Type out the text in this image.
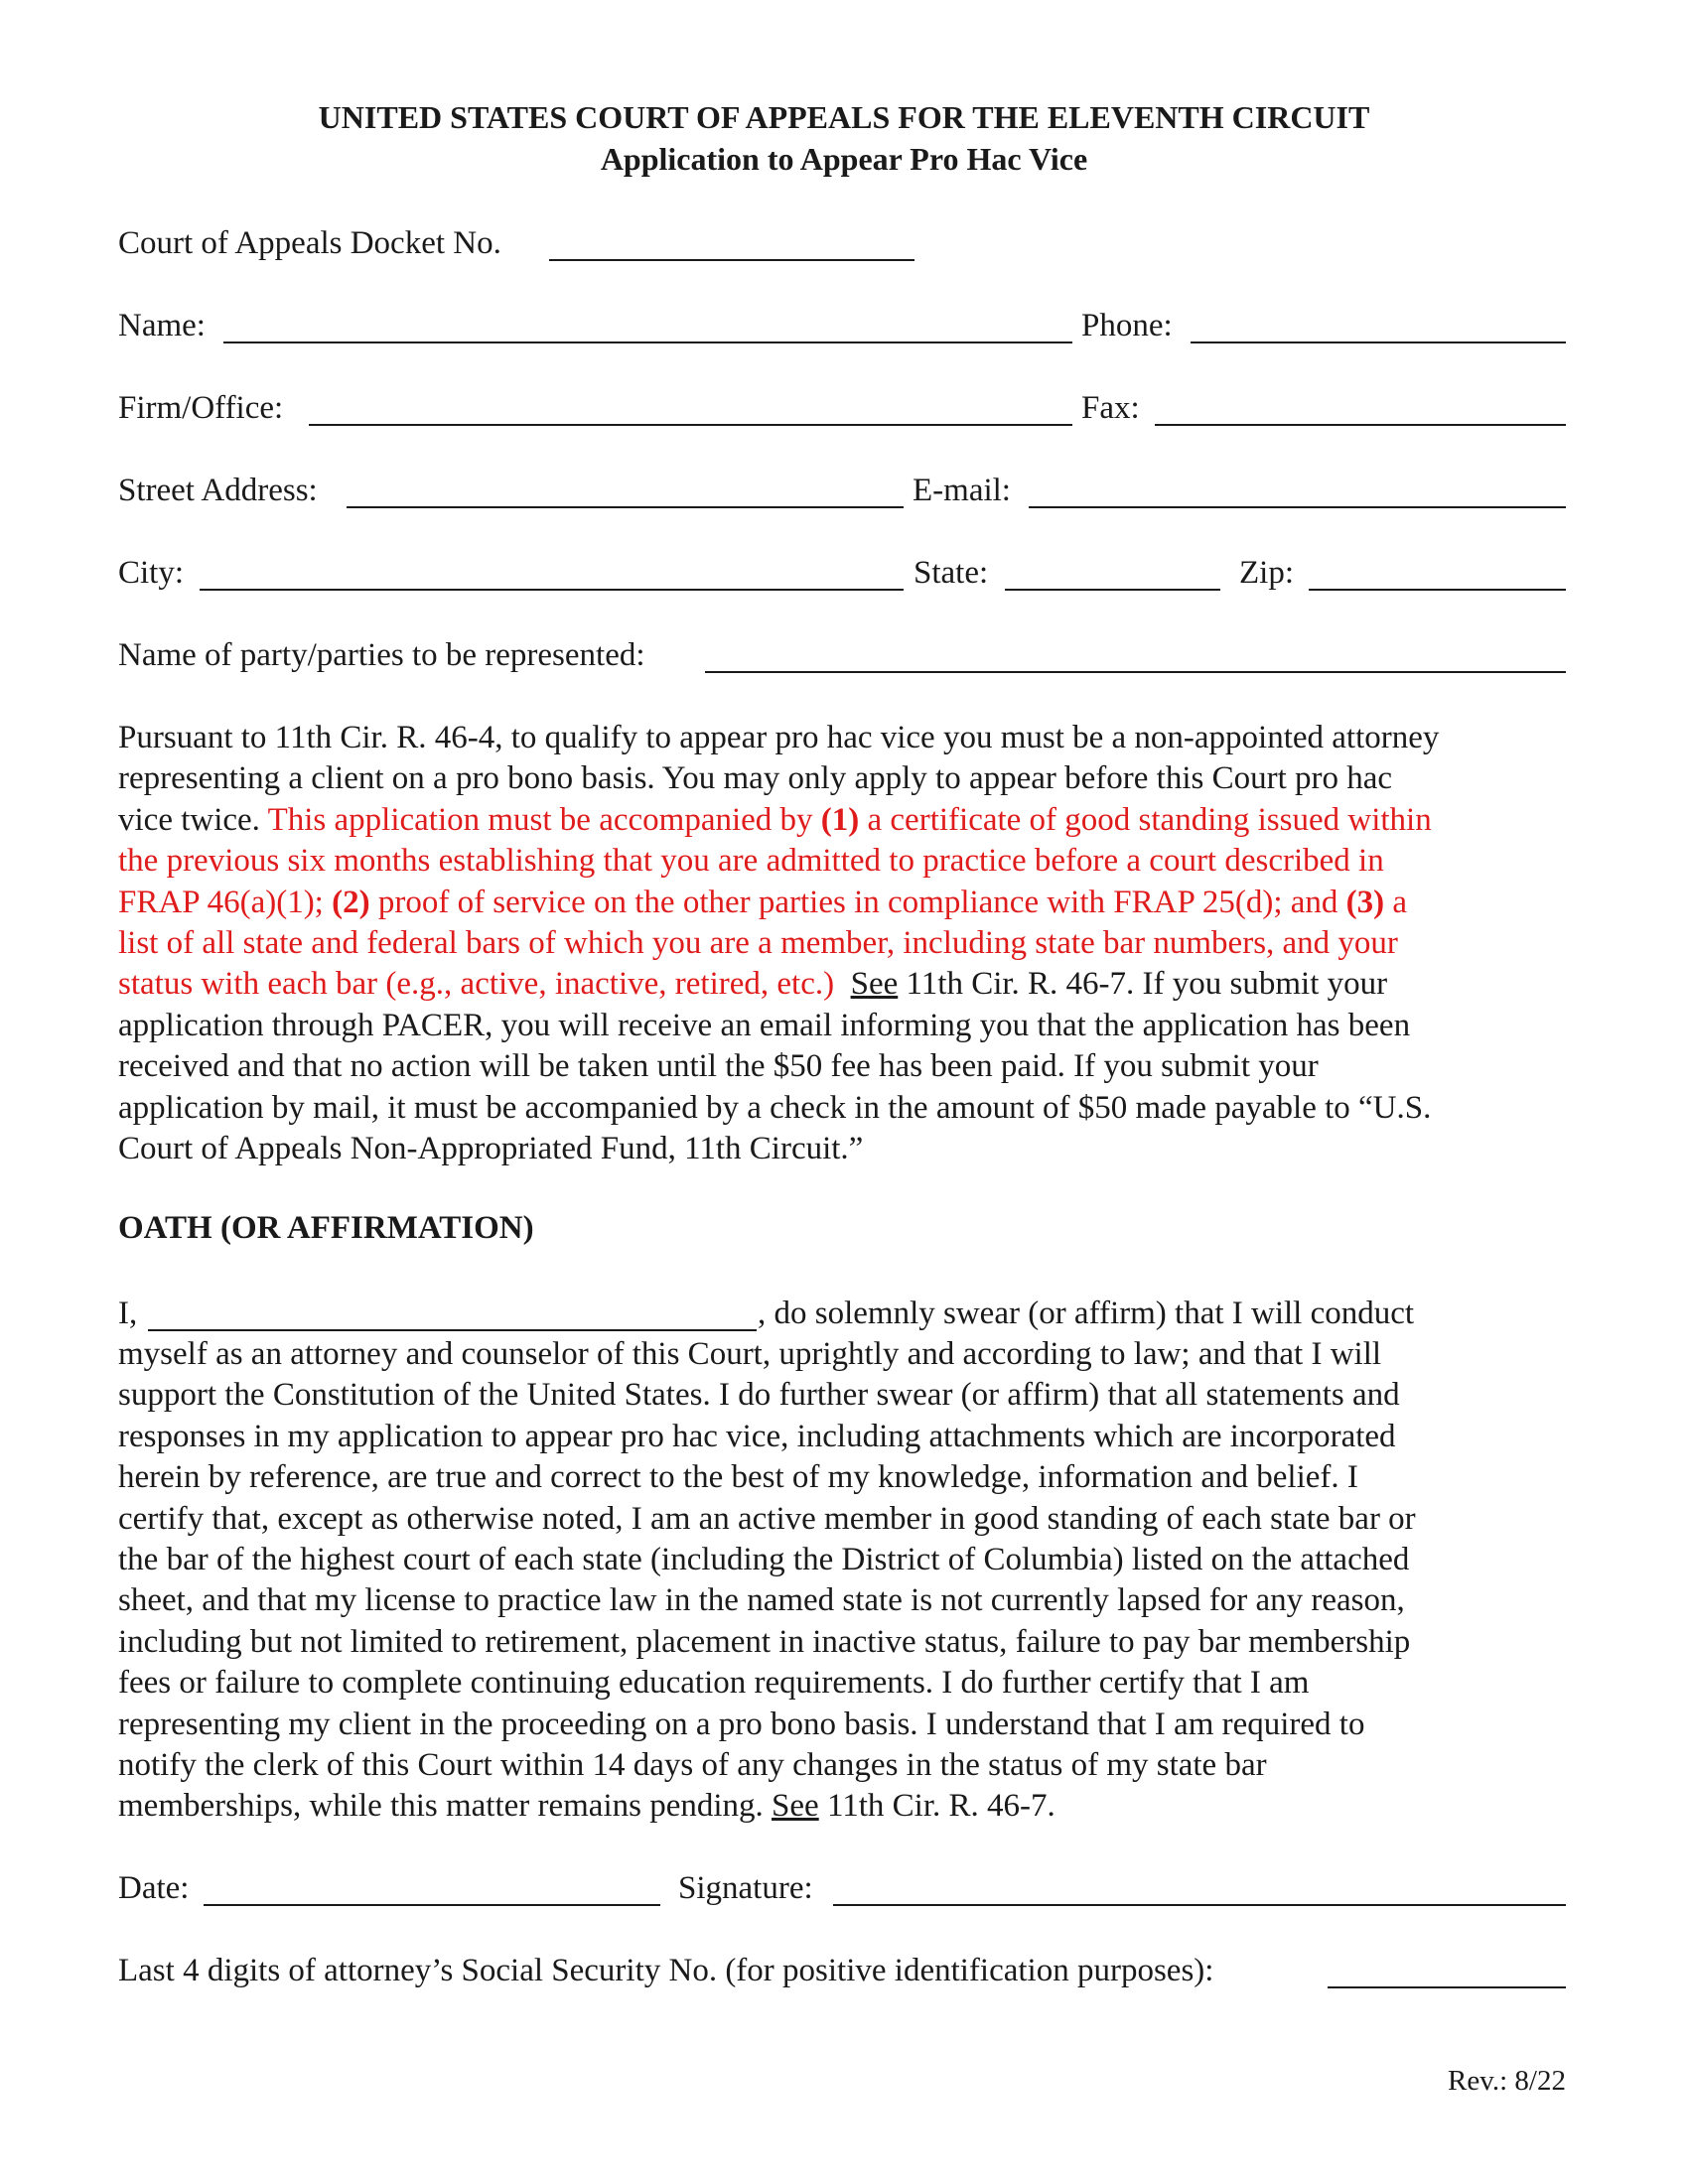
UNITED STATES COURT OF APPEALS FOR THE ELEVENTH CIRCUIT
Application to Appear Pro Hac Vice
Court of Appeals Docket No.
Name:	Phone:
Firm/Office:	Fax:
Street Address:	E-mail:
City:	State:	Zip:
Name of party/parties to be represented:
Pursuant to 11th Cir. R. 46-4, to qualify to appear pro hac vice you must be a non-appointed attorney
representing a client on a pro bono basis. You may only apply to appear before this Court pro hac
vice twice. This application must be accompanied by (1) a certificate of good standing issued within
the previous six months establishing that you are admitted to practice before a court described in
FRAP 46(a)(1); (2) proof of service on the other parties in compliance with FRAP 25(d); and (3) a
list of all state and federal bars of which you are a member, including state bar numbers, and your
status with each bar (e.g., active, inactive, retired, etc.) See 11th Cir. R. 46-7. If you submit your
application through PACER, you will receive an email informing you that the application has been
received and that no action will be taken until the $50 fee has been paid. If you submit your
application by mail, it must be accompanied by a check in the amount of $50 made payable to “U.S.
Court of Appeals Non-Appropriated Fund, 11th Circuit.”
OATH (OR AFFIRMATION)
I,	, do solemnly swear (or affirm) that I will conduct
myself as an attorney and counselor of this Court, uprightly and according to law; and that I will
support the Constitution of the United States. I do further swear (or affirm) that all statements and
responses in my application to appear pro hac vice, including attachments which are incorporated
herein by reference, are true and correct to the best of my knowledge, information and belief. I
certify that, except as otherwise noted, I am an active member in good standing of each state bar or
the bar of the highest court of each state (including the District of Columbia) listed on the attached
sheet, and that my license to practice law in the named state is not currently lapsed for any reason,
including but not limited to retirement, placement in inactive status, failure to pay bar membership
fees or failure to complete continuing education requirements. I do further certify that I am
representing my client in the proceeding on a pro bono basis. I understand that I am required to
notify the clerk of this Court within 14 days of any changes in the status of my state bar
memberships, while this matter remains pending. See 11th Cir. R. 46-7.
Date:	Signature:
Last 4 digits of attorney’s Social Security No. (for positive identification purposes):
Rev.: 8/22
